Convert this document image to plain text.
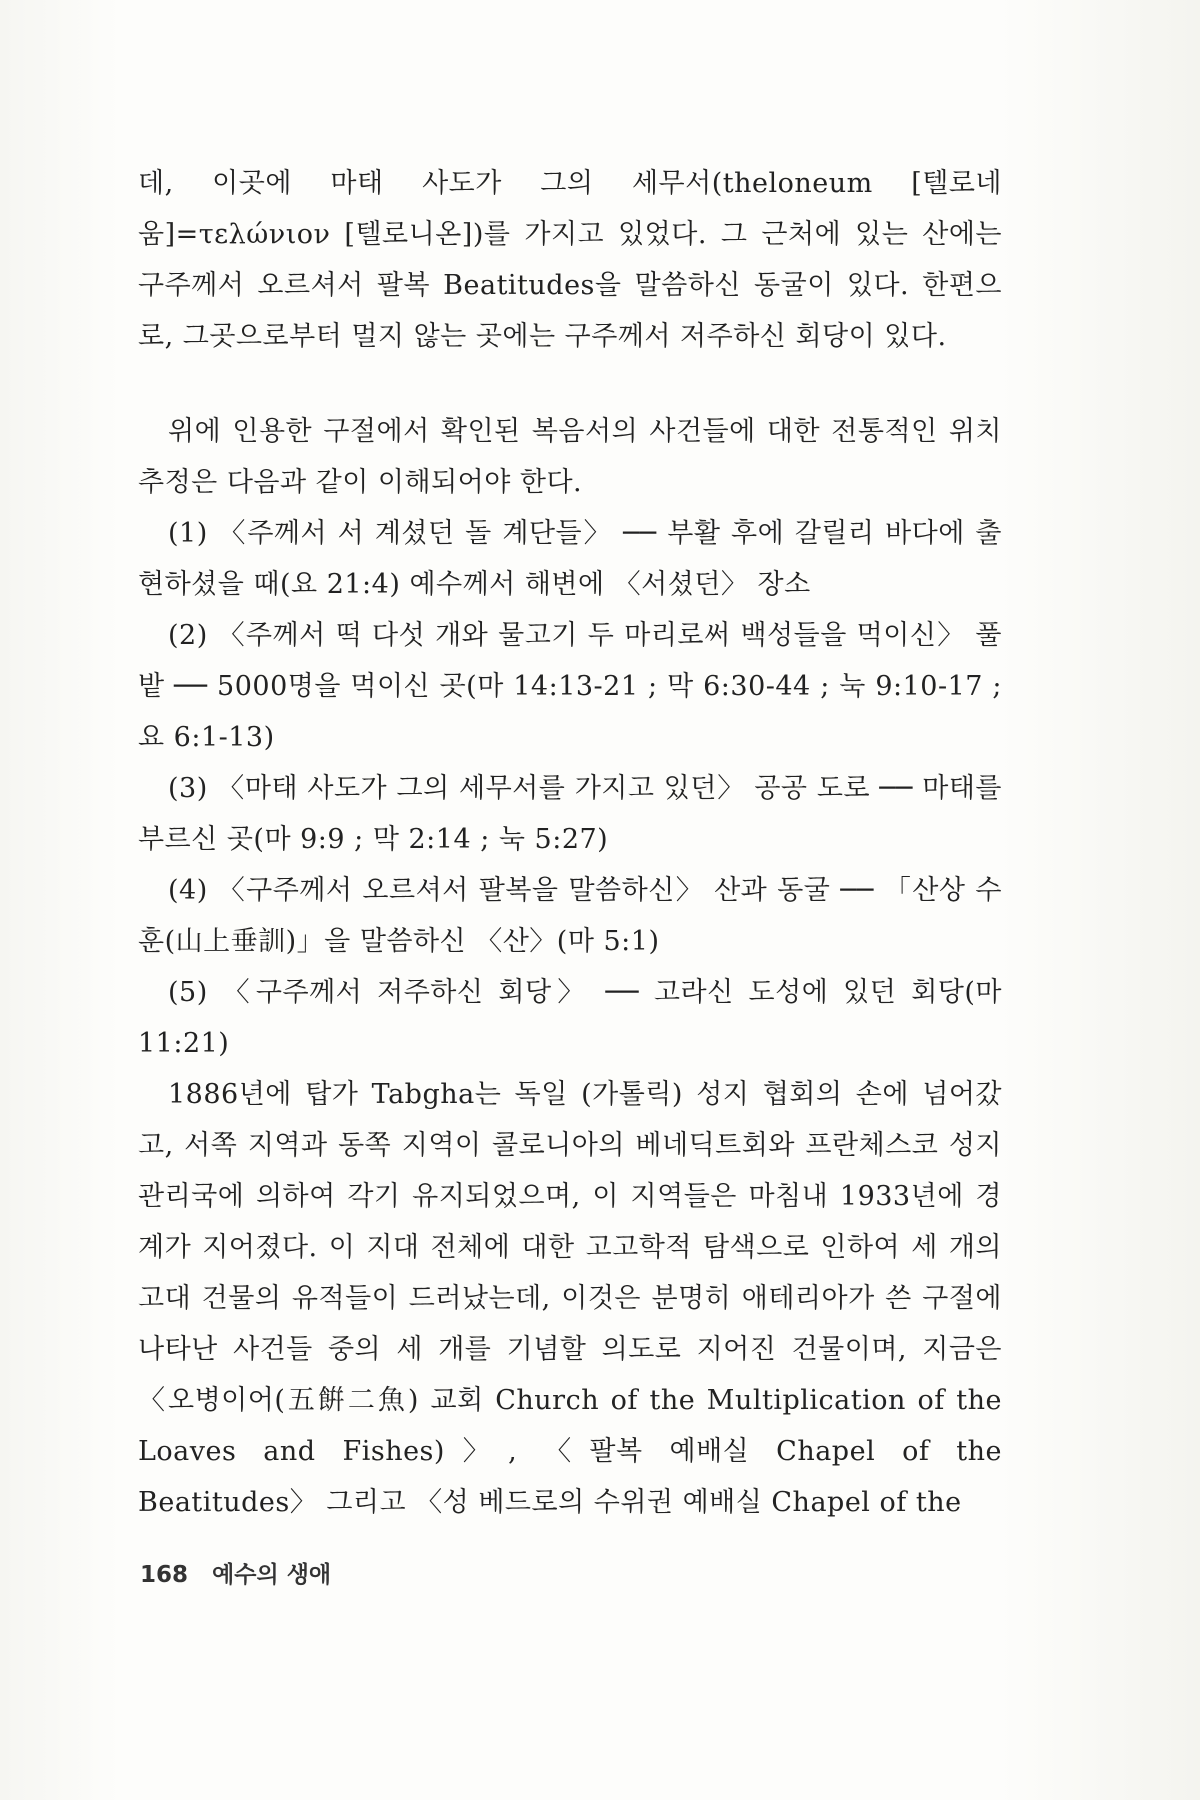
데, 이곳에 마태 사도가 그의 세무서(theloneum [텔로네움]=τελώνιον [텔로니온])를 가지고 있었다. 그 근처에 있는 산에는 구주께서 오르셔서 팔복 Beatitudes을 말씀하신 동굴이 있다. 한편으로, 그곳으로부터 멀지 않는 곳에는 구주께서 저주하신 회당이 있다.

위에 인용한 구절에서 확인된 복음서의 사건들에 대한 전통적인 위치 추정은 다음과 같이 이해되어야 한다.

(1) 〈주께서 서 계셨던 돌 계단들〉 ── 부활 후에 갈릴리 바다에 출현하셨을 때(요 21:4) 예수께서 해변에 〈서셨던〉 장소

(2) 〈주께서 떡 다섯 개와 물고기 두 마리로써 백성들을 먹이신〉 풀밭 ── 5000명을 먹이신 곳(마 14:13-21 ; 막 6:30-44 ; 눅 9:10-17 ; 요 6:1-13)

(3) 〈마태 사도가 그의 세무서를 가지고 있던〉 공공 도로 ── 마태를 부르신 곳(마 9:9 ; 막 2:14 ; 눅 5:27)

(4) 〈구주께서 오르셔서 팔복을 말씀하신〉 산과 동굴 ── 「산상 수훈(山上垂訓)」을 말씀하신 〈산〉(마 5:1)

(5) 〈구주께서 저주하신 회당〉 ── 고라신 도성에 있던 회당(마 11:21)

1886년에 탑가 Tabgha는 독일 (가톨릭) 성지 협회의 손에 넘어갔고, 서쪽 지역과 동쪽 지역이 콜로니아의 베네딕트회와 프란체스코 성지 관리국에 의하여 각기 유지되었으며, 이 지역들은 마침내 1933년에 경계가 지어졌다. 이 지대 전체에 대한 고고학적 탐색으로 인하여 세 개의 고대 건물의 유적들이 드러났는데, 이것은 분명히 애테리아가 쓴 구절에 나타난 사건들 중의 세 개를 기념할 의도로 지어진 건물이며, 지금은 〈오병이어(五餠二魚) 교회 Church of the Multiplication of the Loaves and Fishes)〉, 〈팔복 예배실 Chapel of the Beatitudes〉 그리고 〈성 베드로의 수위권 예배실 Chapel of the

168 예수의 생애
